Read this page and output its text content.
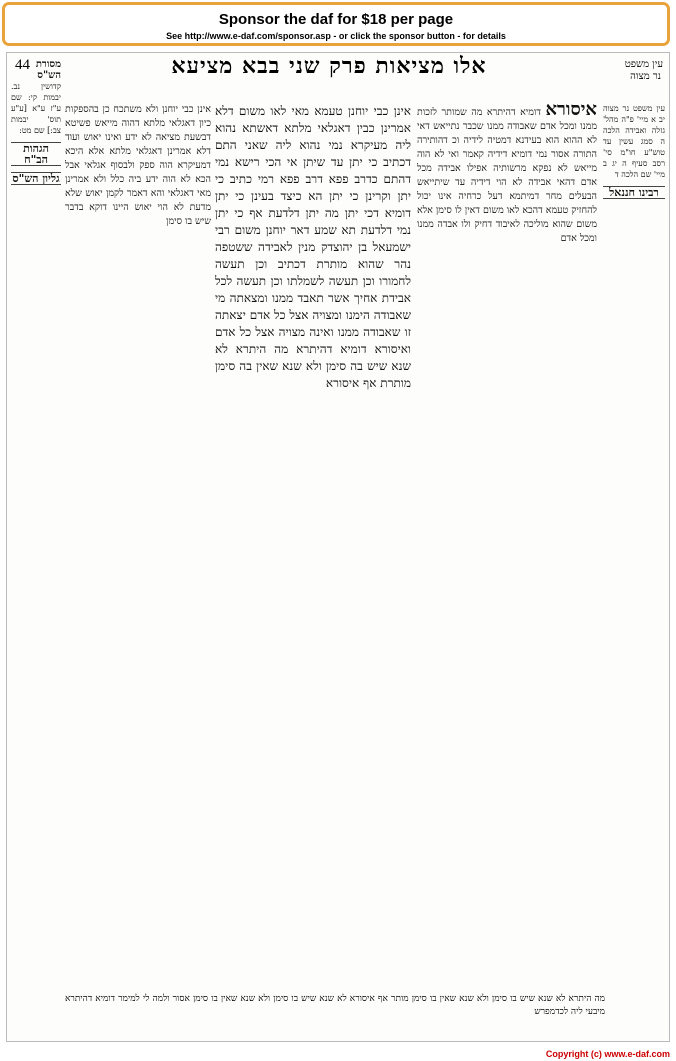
Sponsor the daf for $18 per page
See http://www.e-daf.com/sponsor.asp - or click the sponsor button - for details
44	אלו מציאות פרק שני בבא מציעא	עין משפט
נר מצוה
מסורת הש"ס
קדושין נב. יבמות קי: שם ע"ז ע"א [ע"ע תוס' יבמות צב:] שם מט:
הגהות הב"ח
גליון הש"ס
אינן כבי יוחנן ולא משתכח כן בהספקות כיון דאגלאי מלתא דהוה מייאש פשיטא דבשעת מציאה לא ידע ואינו יאוש ועוד דלא אמרינן דאגלאי מלתא אלא היכא דמעיקרא הוה ספק ולבסוף אגלאי אבל הכא לא הוה ידע ביה כלל ולא אמרינן מאי דאגלאי והא דאמר לקמן יאוש שלא מדעת לא הוי יאוש היינו דוקא בדבר שיש בו סימן
אינן כבי יוחנן טעמא מאי לאו משום דלא אמרינן כבין דאגלאי מלתא דאשתא נהוא ליה מעיקרא נמי נהוא ליה שאני התם דכתיב כי יתן עד שיתן אי הכי רישא נמי דהתם כדרב פפא דרב פפא רמי כתיב כי יתן וקרינן כי יתן הא כיצד בעינן כי יתן דומיא דכי יתן מה יתן דלדעת אף כי יתן נמי דלדעת תא שמע דאר יוחנן משום רבי ישמעאל בן יהוצדק מנין לאבידה ששטפה נהר שהוא מותרת דכתיב וכן תעשה לחמורו וכן תעשה לשמלתו וכן תעשה לכל אבידת אחיך אשר תאבד ממנו ומצאתה מי שאבודה הימנו ומצויה אצל כל אדם יצאתה זו שאבודה ממנו ואינה מצויה אצל כל אדם ואיסורא דומיא דהיתרא מה היתרא לא שנא שיש בה סימן ולא שנא שאין בה סימן מותרת אף איסורא
איסורא דומיא דהיתרא מה שמותר לזכות ממנו ומכל אדם שאבודה ממנו שכבר נתייאש דאי לא ההוא הוא בעידנא דמטיה לידיה וכ דהותירה התורה אסור נמי דומיא דידיה קאמר ואי לא הוה מייאש לא נפקא מרשותיה אפילו אבידה מכל אדם דהאי אבידה לא הוי דידיה עד שיתייאש הבעלים מחר דמיתמא דעל כרחיה אינו יכול להחזיק טעמא דהכא לאו משום דאין לו סימן אלא משום שהוא מוליכה לאיבוד דחיק ולו אבדה ממנו ומכל אדם
עין משפט נר מצוה יב א מיי' פ"ה מהל' גזלה ואבידה הלכה ה סמג עשין עד טוש"ע חו"מ סי' רסב סעיף ה יג ב מיי' שם הלכה ד
רבינו חננאל
מה היתרא לא שנא שיש בו סימן ולא שנא שאין בו סימן מותר אף איסורא לא שנא שיש בו סימן ולא שנא שאין בו סימן אסור ולמה לי למימר דומיא דהיתרא מיבעי ליה לכדמפרש
Copyright (c) www.e-daf.com
